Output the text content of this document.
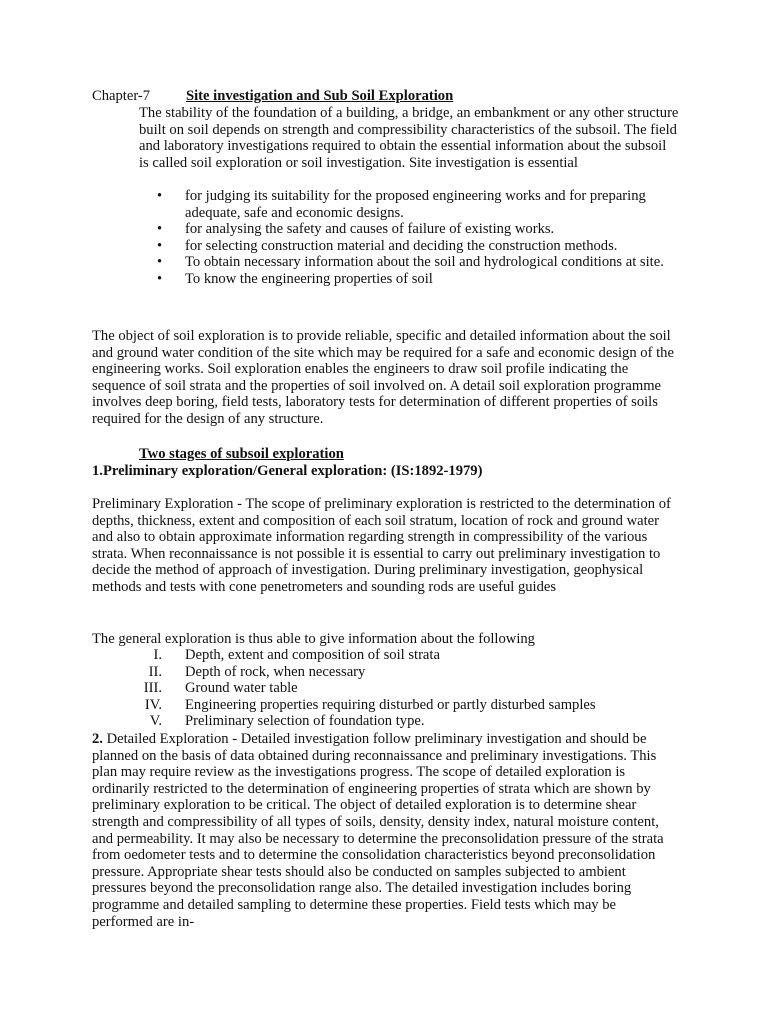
Chapter-7 Site investigation and Sub Soil Exploration

The stability of the foundation of a building, a bridge, an embankment or any other structure built on soil depends on strength and compressibility characteristics of the subsoil. The field and laboratory investigations required to obtain the essential information about the subsoil is called soil exploration or soil investigation. Site investigation is essential

• for judging its suitability for the proposed engineering works and for preparing adequate, safe and economic designs.
• for analysing the safety and causes of failure of existing works.
• for selecting construction material and deciding the construction methods.
• To obtain necessary information about the soil and hydrological conditions at site.
• To know the engineering properties of soil

The object of soil exploration is to provide reliable, specific and detailed information about the soil and ground water condition of the site which may be required for a safe and economic design of the engineering works. Soil exploration enables the engineers to draw soil profile indicating the sequence of soil strata and the properties of soil involved on. A detail soil exploration programme involves deep boring, field tests, laboratory tests for determination of different properties of soils required for the design of any structure.

Two stages of subsoil exploration
1.Preliminary exploration/General exploration: (IS:1892-1979)

Preliminary Exploration - The scope of preliminary exploration is restricted to the determination of depths, thickness, extent and composition of each soil stratum, location of rock and ground water and also to obtain approximate information regarding strength in compressibility of the various strata. When reconnaissance is not possible it is essential to carry out preliminary investigation to decide the method of approach of investigation. During preliminary investigation, geophysical methods and tests with cone penetrometers and sounding rods are useful guides

The general exploration is thus able to give information about the following

I. Depth, extent and composition of soil strata
II. Depth of rock, when necessary
III. Ground water table
IV. Engineering properties requiring disturbed or partly disturbed samples
V. Preliminary selection of foundation type.

2. Detailed Exploration - Detailed investigation follow preliminary investigation and should be planned on the basis of data obtained during reconnaissance and preliminary investigations. This plan may require review as the investigations progress. The scope of detailed exploration is ordinarily restricted to the determination of engineering properties of strata which are shown by preliminary exploration to be critical. The object of detailed exploration is to determine shear strength and compressibility of all types of soils, density, density index, natural moisture content, and permeability. It may also be necessary to determine the preconsolidation pressure of the strata from oedometer tests and to determine the consolidation characteristics beyond preconsolidation pressure. Appropriate shear tests should also be conducted on samples subjected to ambient pressures beyond the preconsolidation range also. The detailed investigation includes boring programme and detailed sampling to determine these properties. Field tests which may be performed are in-
